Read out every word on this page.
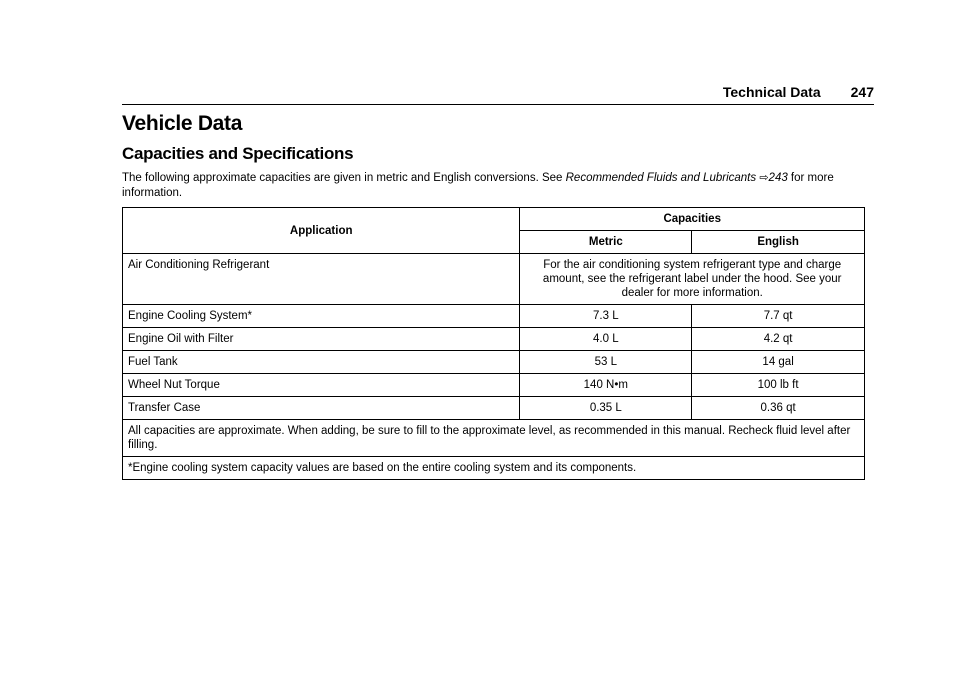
Technical Data 247
Vehicle Data
Capacities and Specifications

The following approximate capacities are given in metric and English conversions. See Recommended Fluids and Lubricants ⇨243 for more information.

Application	Capacities	
	Metric	English
Air Conditioning Refrigerant	For the air conditioning system refrigerant type and charge amount, see the refrigerant label under the hood. See your dealer for more information.	
Engine Cooling System*	7.3 L	7.7 qt
Engine Oil with Filter	4.0 L	4.2 qt
Fuel Tank	53 L	14 gal
Wheel Nut Torque	140 N•m	100 lb ft
Transfer Case	0.35 L	0.36 qt
All capacities are approximate. When adding, be sure to fill to the approximate level, as recommended in this manual. Recheck fluid level after filling.		
*Engine cooling system capacity values are based on the entire cooling system and its components.		
